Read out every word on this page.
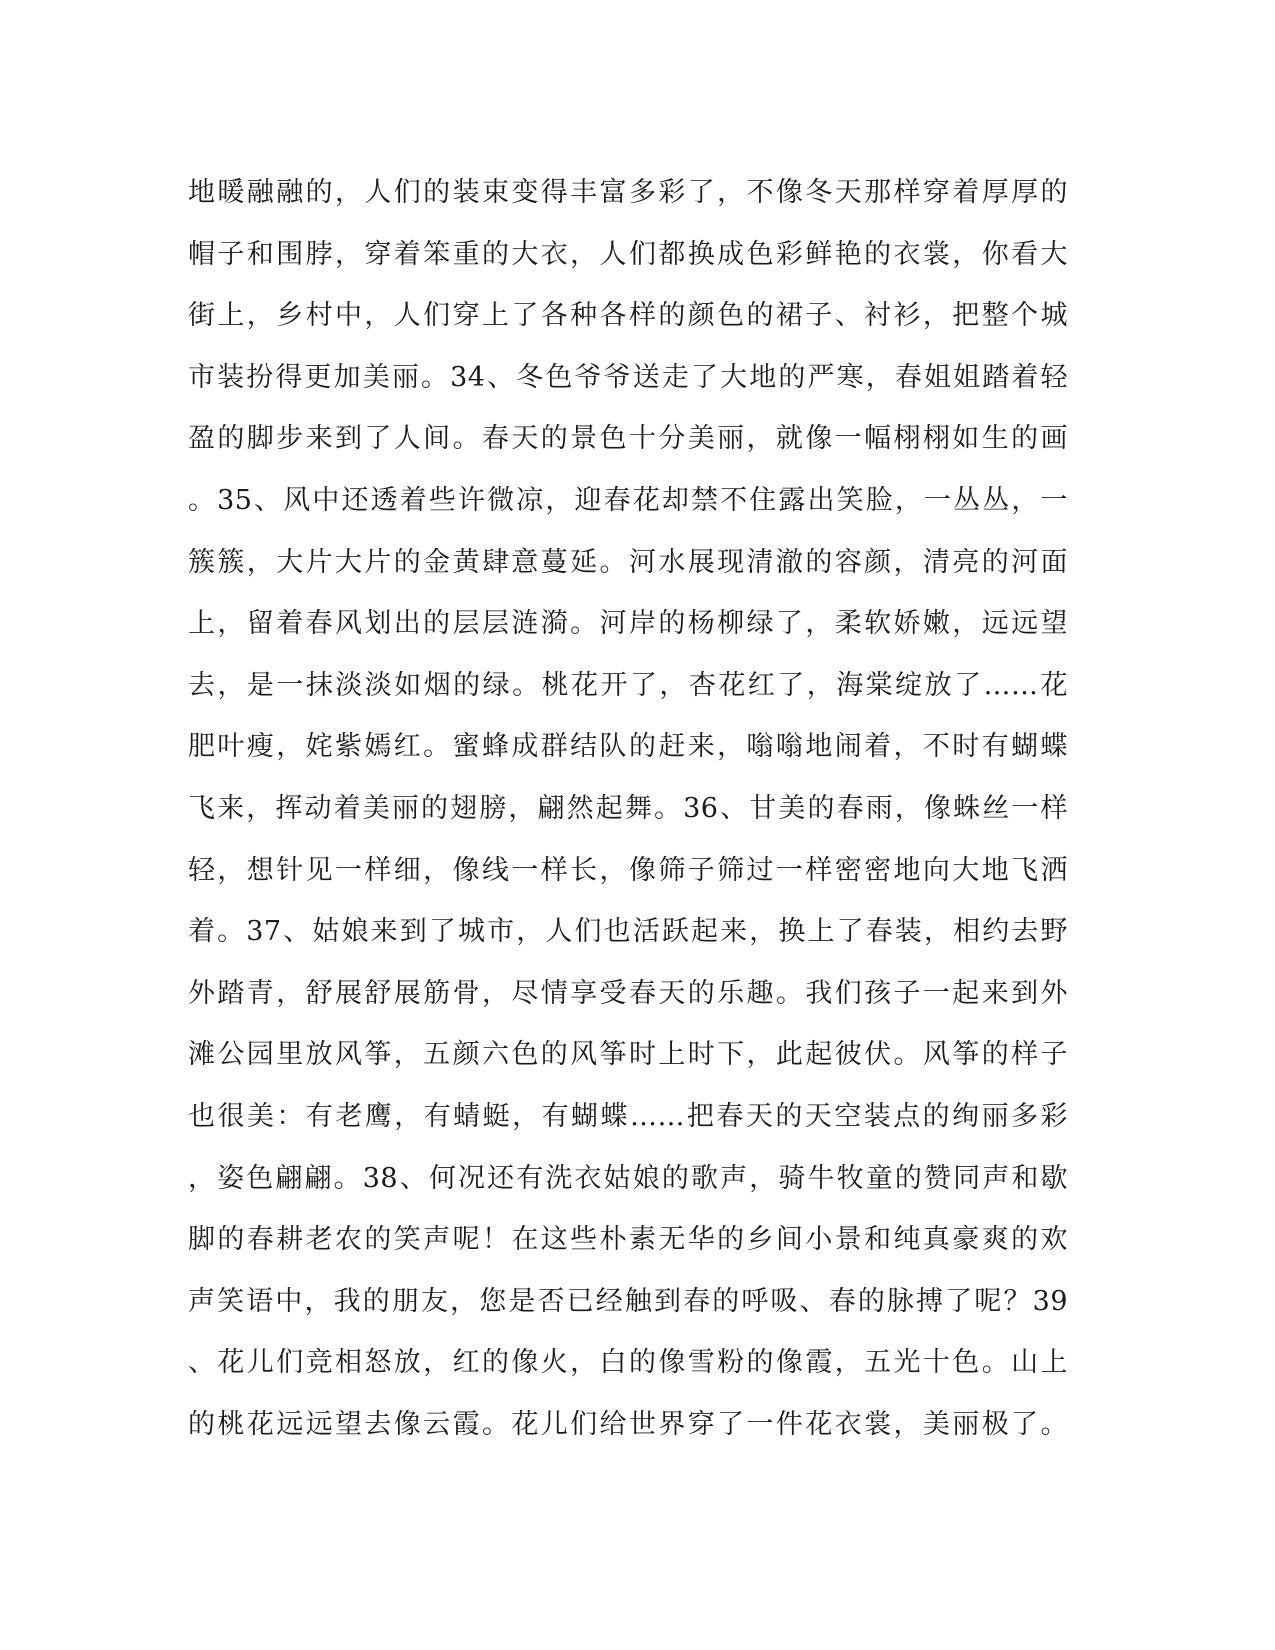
地暖融融的，人们的装束变得丰富多彩了，不像冬天那样穿着厚厚的
帽子和围脖，穿着笨重的大衣，人们都换成色彩鲜艳的衣裳，你看大
街上，乡村中，人们穿上了各种各样的颜色的裙子、衬衫，把整个城
市装扮得更加美丽。34、冬色爷爷送走了大地的严寒，春姐姐踏着轻
盈的脚步来到了人间。春天的景色十分美丽，就像一幅栩栩如生的画
。35、风中还透着些许微凉，迎春花却禁不住露出笑脸，一丛丛，一
簇簇，大片大片的金黄肆意蔓延。河水展现清澈的容颜，清亮的河面
上，留着春风划出的层层涟漪。河岸的杨柳绿了，柔软娇嫩，远远望
去，是一抹淡淡如烟的绿。桃花开了，杏花红了，海棠绽放了……花
肥叶瘦，姹紫嫣红。蜜蜂成群结队的赶来，嗡嗡地闹着，不时有蝴蝶
飞来，挥动着美丽的翅膀，翩然起舞。36、甘美的春雨，像蛛丝一样
轻，想针见一样细，像线一样长，像筛子筛过一样密密地向大地飞洒
着。37、姑娘来到了城市，人们也活跃起来，换上了春装，相约去野
外踏青，舒展舒展筋骨，尽情享受春天的乐趣。我们孩子一起来到外
滩公园里放风筝，五颜六色的风筝时上时下，此起彼伏。风筝的样子
也很美：有老鹰，有蜻蜓，有蝴蝶……把春天的天空装点的绚丽多彩
，姿色翩翩。38、何况还有洗衣姑娘的歌声，骑牛牧童的赞同声和歇
脚的春耕老农的笑声呢！在这些朴素无华的乡间小景和纯真豪爽的欢
声笑语中，我的朋友，您是否已经触到春的呼吸、春的脉搏了呢？39
、花儿们竞相怒放，红的像火，白的像雪粉的像霞，五光十色。山上
的桃花远远望去像云霞。花儿们给世界穿了一件花衣裳，美丽极了。
